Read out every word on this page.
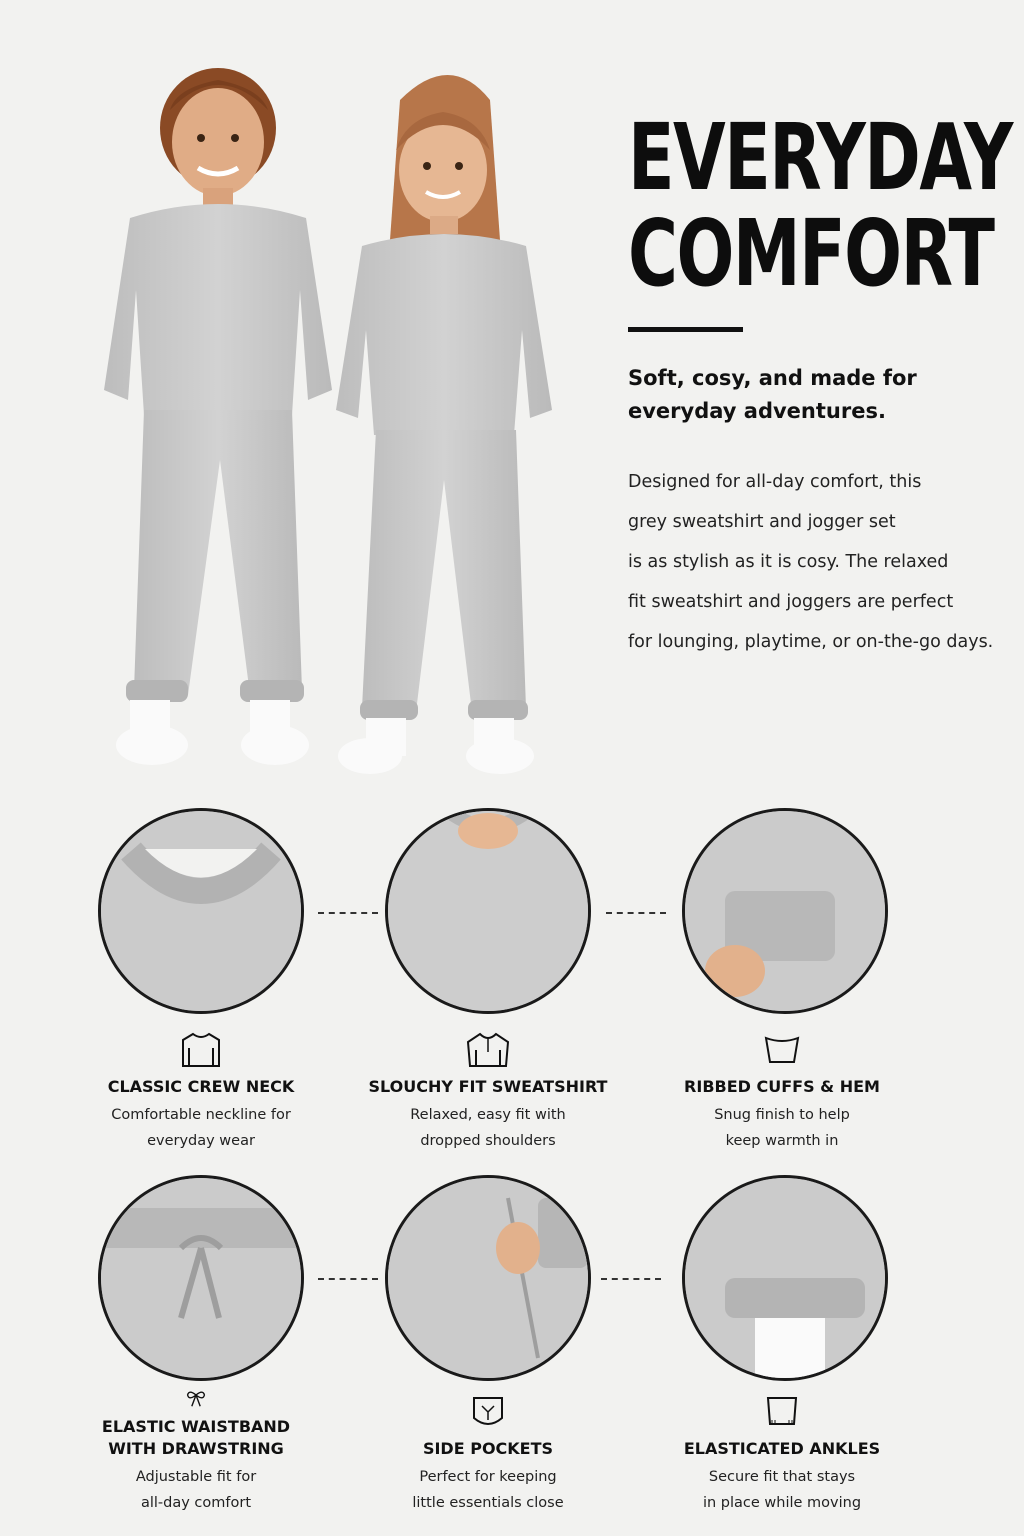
EVERYDAY
COMFORT
Soft, cosy, and made for
everyday adventures.
Designed for all-day comfort, this
grey sweatshirt and jogger set
is as stylish as it is cosy. The relaxed
fit sweatshirt and joggers are perfect
for lounging, playtime, or on-the-go days.
CLASSIC CREW NECK
Comfortable neckline for
everyday wear
SLOUCHY FIT SWEATSHIRT
Relaxed, easy fit with
dropped shoulders
RIBBED CUFFS & HEM
Snug finish to help
keep warmth in
ELASTIC WAISTBAND
WITH DRAWSTRING
Adjustable fit for
all-day comfort
SIDE POCKETS
Perfect for keeping
little essentials close
ELASTICATED ANKLES
Secure fit that stays
in place while moving
